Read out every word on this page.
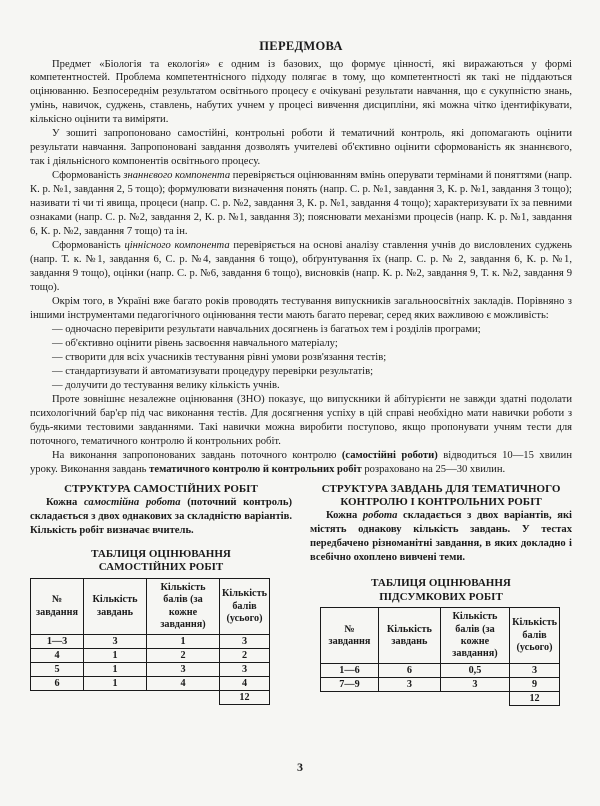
ПЕРЕДМОВА

Предмет «Біологія та екологія» є одним із базових, що формує цінності, які виражаються у формі компетентностей. Проблема компетентнісного підходу полягає в тому, що компетентності як такі не піддаються оцінюванню. Безпосереднім результатом освітнього процесу є очікувані результати навчання, що є сукупністю знань, умінь, навичок, суджень, ставлень, набутих учнем у процесі вивчення дисципліни, які можна чітко ідентифікувати, кількісно оцінити та виміряти.

У зошиті запропоновано самостійні, контрольні роботи й тематичний контроль, які допомагають оцінити результати навчання. Запропоновані завдання дозволять учителеві об'єктивно оцінити сформованість як знаннєвого, так і діяльнісного компонентів освітнього процесу.

Сформованість знаннєвого компонента перевіряється оцінюванням вмінь оперувати термінами й поняттями (напр. К. р. №1, завдання 2, 5 тощо); формулювати визначення понять (напр. С. р. №1, завдання 3, К. р. №1, завдання 3 тощо); називати ті чи ті явища, процеси (напр. С. р. №2, завдання 3, К. р. №1, завдання 4 тощо); характеризувати їх за певними ознаками (напр. С. р. №2, завдання 2, К. р. №1, завдання 3); пояснювати механізми процесів (напр. К. р. №1, завдання 6, К. р. №2, завдання 7 тощо) та ін.

Сформованість ціннісного компонента перевіряється на основі аналізу ставлення учнів до висловлених суджень (напр. Т. к. №1, завдання 6, С. р. №4, завдання 6 тощо), обґрунтування їх (напр. С. р. № 2, завдання 6, К. р. №1, завдання 9 тощо), оцінки (напр. С. р. №6, завдання 6 тощо), висновків (напр. К. р. №2, завдання 9, Т. к. №2, завдання 9 тощо).

Окрім того, в Україні вже багато років проводять тестування випускників загальноосвітніх закладів. Порівняно з іншими інструментами педагогічного оцінювання тести мають багато переваг, серед яких важливою є можливість:

— одночасно перевірити результати навчальних досягнень із багатьох тем і розділів програми;
— об'єктивно оцінити рівень засвоєння навчального матеріалу;
— створити для всіх учасників тестування рівні умови розв'язання тестів;
— стандартизувати й автоматизувати процедуру перевірки результатів;
— долучити до тестування велику кількість учнів.

Проте зовнішнє незалежне оцінювання (ЗНО) показує, що випускники й абітурієнти не завжди здатні подолати психологічний бар'єр під час виконання тестів. Для досягнення успіху в цій справі необхідно мати навички роботи з будь-якими тестовими завданнями. Такі навички можна виробити поступово, якщо пропонувати учням тести для поточного, тематичного контролю й контрольних робіт.

На виконання запропонованих завдань поточного контролю (самостійні роботи) відводиться 10—15 хвилин уроку. Виконання завдань тематичного контролю й контрольних робіт розраховано на 25—30 хвилин.

СТРУКТУРА САМОСТІЙНИХ РОБІТ

Кожна самостійна робота (поточний контроль) складається з двох однакових за складністю варіантів. Кількість робіт визначає вчитель.

ТАБЛИЦЯ ОЦІНЮВАННЯ
САМОСТІЙНИХ РОБІТ
№ завдання	Кількість завдань	Кількість балів (за кожне завдання)	Кількість балів (усього)
1—3	3	1	3
4	1	2	2
5	1	3	3
6	1	4	4
			12
СТРУКТУРА ЗАВДАНЬ ДЛЯ ТЕМАТИЧНОГО
КОНТРОЛЮ І КОНТРОЛЬНИХ РОБІТ

Кожна робота складається з двох варіантів, які містять однакову кількість завдань. У тестах передбачено різноманітні завдання, в яких докладно і всебічно охоплено вивчені теми.

ТАБЛИЦЯ ОЦІНЮВАННЯ
ПІДСУМКОВИХ РОБІТ
№ завдання	Кількість завдань	Кількість балів (за кожне завдання)	Кількість балів (усього)
1—6	6	0,5	3
7—9	3	3	9
			12
3
